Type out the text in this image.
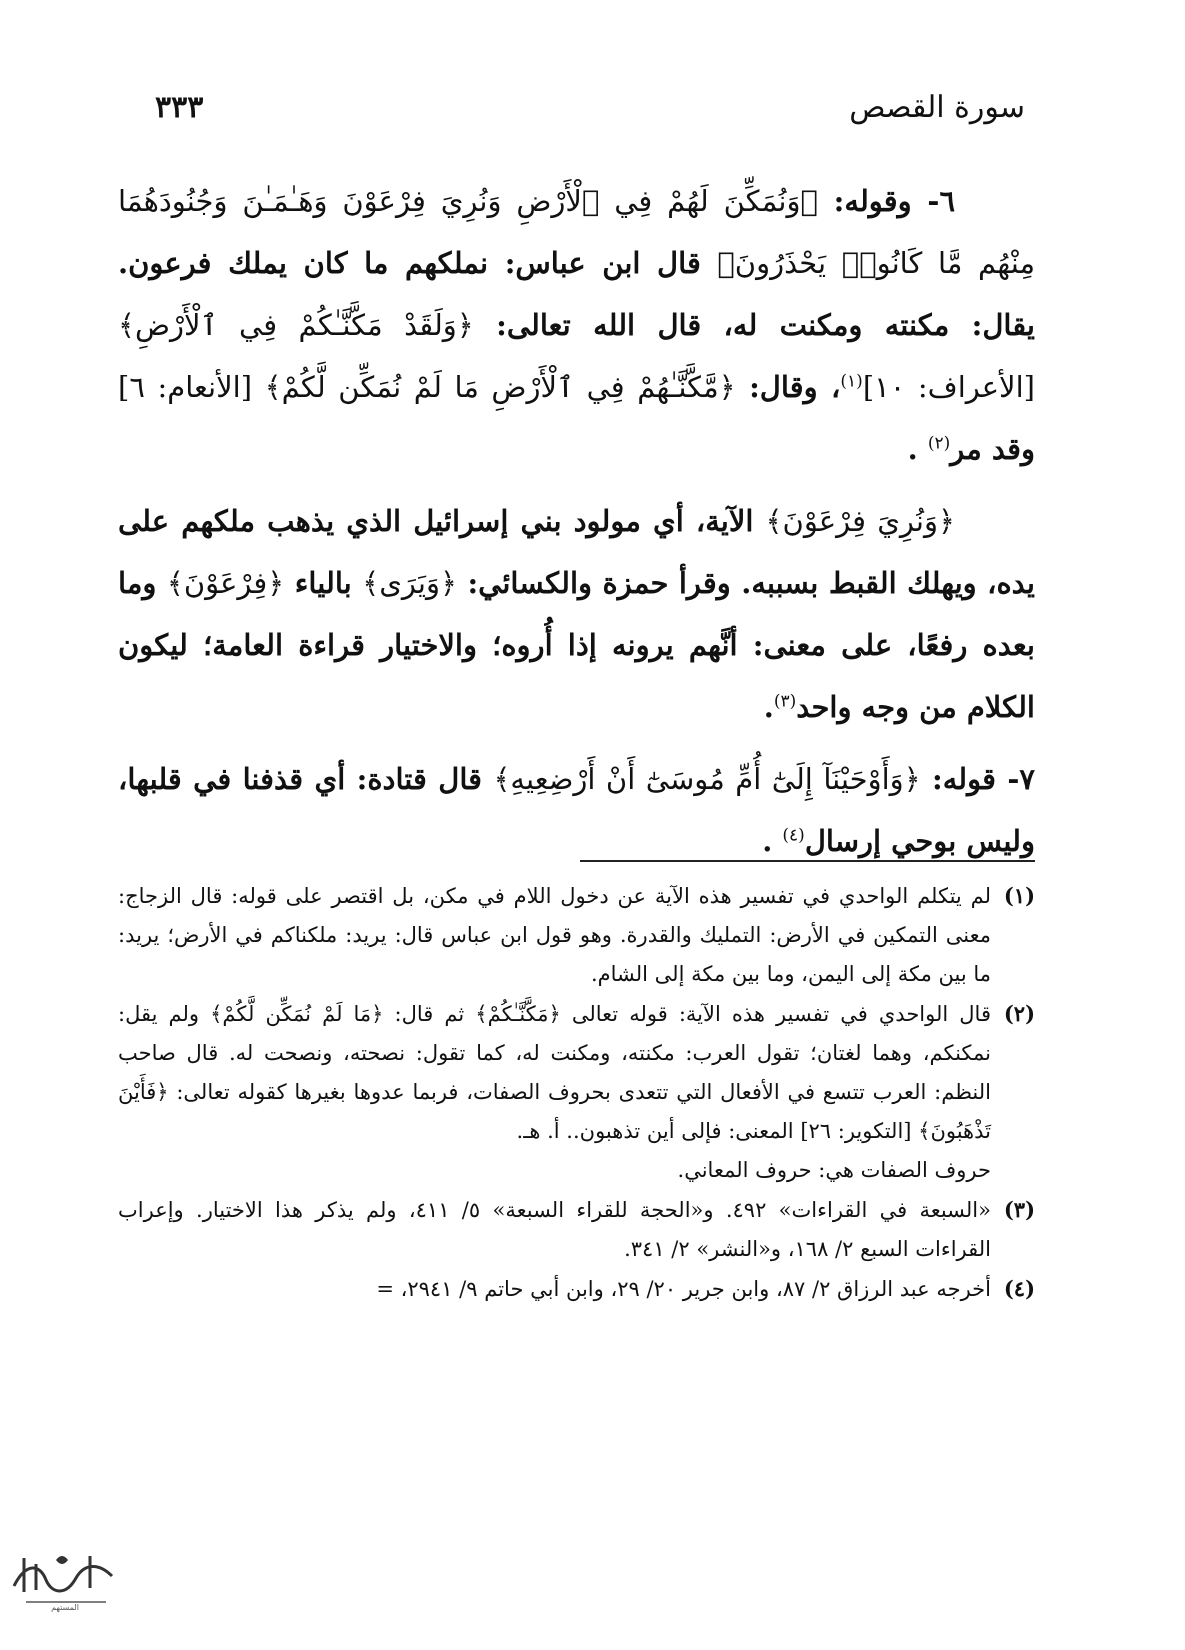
سورة القصص
٣٣٣

٦- وقوله: ﴿وَنُمَكِّنَ لَهُمْ فِي ٱلْأَرْضِ وَنُرِيَ فِرْعَوْنَ وَهَـٰمَـٰنَ وَجُنُودَهُمَا مِنْهُم مَّا كَانُوا۟ يَحْذَرُونَ﴾ قال ابن عباس: نملكهم ما كان يملك فرعون. يقال: مكنته ومكنت له، قال الله تعالى: ﴿وَلَقَدْ مَكَّنَّـٰكُمْ فِي ٱلْأَرْضِ﴾ [الأعراف: ١٠]$^{(١)}$، وقال: ﴿مَّكَّنَّـٰهُمْ فِي ٱلْأَرْضِ مَا لَمْ نُمَكِّن لَّكُمْ﴾ [الأنعام: ٦] وقد مر$^{(٢)}$ .

﴿وَنُرِيَ فِرْعَوْنَ﴾ الآية، أي مولود بني إسرائيل الذي يذهب ملكهم على يده، ويهلك القبط بسببه. وقرأ حمزة والكسائي: ﴿وَيَرَى﴾ بالياء ﴿فِرْعَوْنَ﴾ وما بعده رفعًا، على معنى: أنَّهم يرونه إذا أُروه؛ والاختيار قراءة العامة؛ ليكون الكلام من وجه واحد$^{(٣)}$.

٧- قوله: ﴿وَأَوْحَيْنَآ إِلَىٰٓ أُمِّ مُوسَىٰٓ أَنْ أَرْضِعِيهِ﴾ قال قتادة: أي قذفنا في قلبها، وليس بوحي إرسال$^{(٤)}$ .

(١)لم يتكلم الواحدي في تفسير هذه الآية عن دخول اللام في مكن، بل اقتصر على قوله: قال الزجاج: معنى التمكين في الأرض: التمليك والقدرة. وهو قول ابن عباس قال: يريد: ملكناكم في الأرض؛ يريد: ما بين مكة إلى اليمن، وما بين مكة إلى الشام.
(٢)قال الواحدي في تفسير هذه الآية: قوله تعالى ﴿مَكَّنَّـٰكُمْ﴾ ثم قال: ﴿مَا لَمْ نُمَكِّن لَّكُمْ﴾ ولم يقل: نمكنكم، وهما لغتان؛ تقول العرب: مكنته، ومكنت له، كما تقول: نصحته، ونصحت له. قال صاحب النظم: العرب تتسع في الأفعال التي تتعدى بحروف الصفات، فربما عدوها بغيرها كقوله تعالى: ﴿فَأَيْنَ تَذْهَبُونَ﴾ [التكوير: ٢٦] المعنى: فإلى أين تذهبون.. أ. هـ.
حروف الصفات هي: حروف المعاني.
(٣)«السبعة في القراءات» ٤٩٢. و«الحجة للقراء السبعة» ٥/ ٤١١، ولم يذكر هذا الاختيار. وإعراب القراءات السبع ٢/ ١٦٨، و«النشر» ٢/ ٣٤١.
(٤)أخرجه عبد الرزاق ٢/ ٨٧، وابن جرير ٢٠/ ٢٩، وابن أبي حاتم ٩/ ٢٩٤١، =
المستهم
